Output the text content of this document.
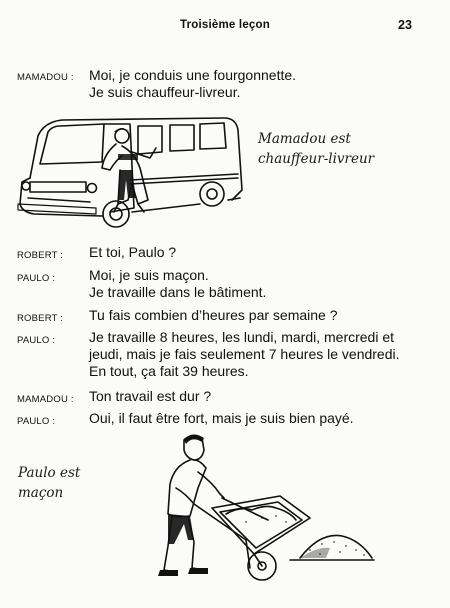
Troisième leçon	23
MAMADOU : Moi, je conduis une fourgonnette.
Je suis chauffeur-livreur.
Mamadou est
chauffeur-livreur
ROBERT : Et toi, Paulo ?
PAULO : Moi, je suis maçon.
Je travaille dans le bâtiment.
ROBERT : Tu fais combien d’heures par semaine ?
PAULO : Je travaille 8 heures, les lundi, mardi, mercredi et
jeudi, mais je fais seulement 7 heures le vendredi.
En tout, ça fait 39 heures.
MAMADOU : Ton travail est dur ?
PAULO : Oui, il faut être fort, mais je suis bien payé.
Paulo est
maçon
